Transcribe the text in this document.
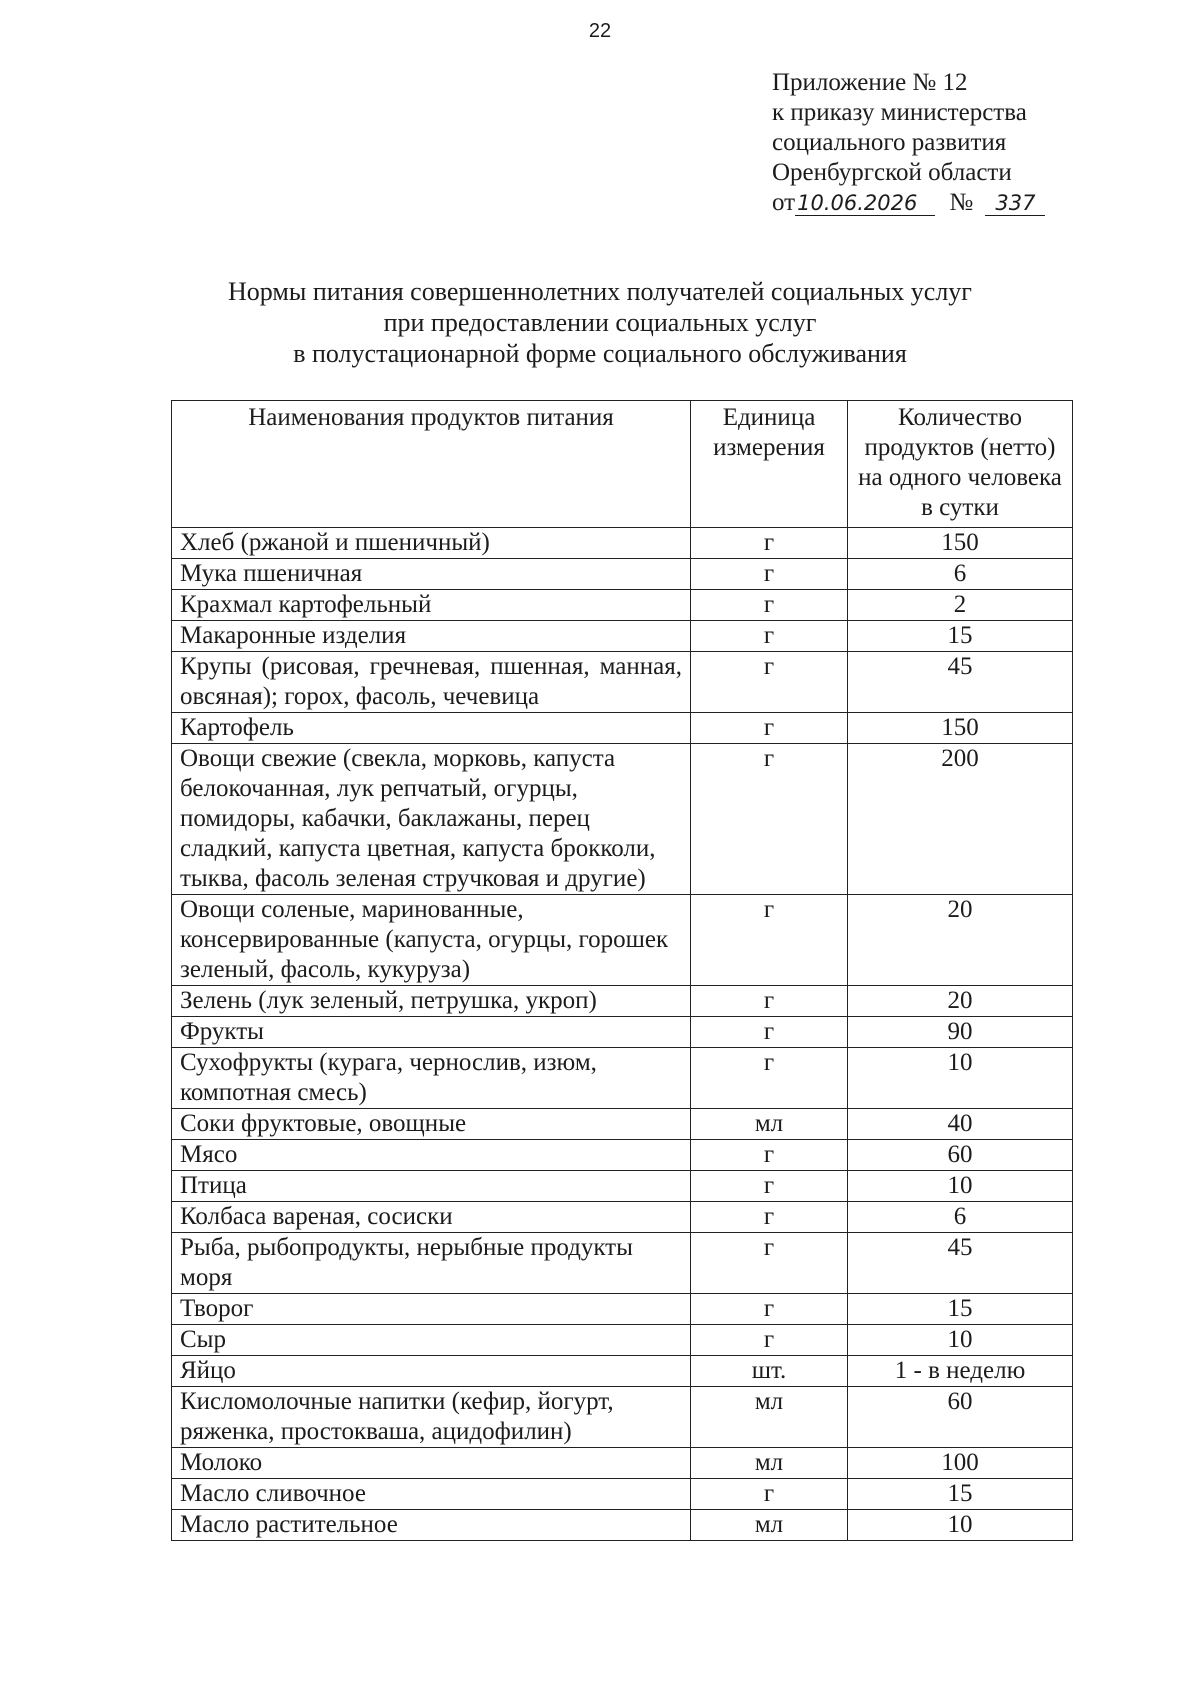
22
Приложение № 12
к приказу министерства
социального развития
Оренбургской области
от10.06.2026 № 337
Нормы питания совершеннолетних получателей социальных услуг
при предоставлении социальных услуг
в полустационарной форме социального обслуживания
Наименования продуктов питания	Единица измерения	Количество продуктов (нетто) на одного человека в сутки
Хлеб (ржаной и пшеничный)	г	150
Мука пшеничная	г	6
Крахмал картофельный	г	2
Макаронные изделия	г	15
Крупы (рисовая, гречневая, пшенная, манная, овсяная); горох, фасоль, чечевица	г	45
Картофель	г	150
Овощи свежие (свекла, морковь, капуста белокочанная, лук репчатый, огурцы, помидоры, кабачки, баклажаны, перец сладкий, капуста цветная, капуста брокколи, тыква, фасоль зеленая стручковая и другие)	г	200
Овощи соленые, маринованные, консервированные (капуста, огурцы, горошек зеленый, фасоль, кукуруза)	г	20
Зелень (лук зеленый, петрушка, укроп)	г	20
Фрукты	г	90
Сухофрукты (курага, чернослив, изюм, компотная смесь)	г	10
Соки фруктовые, овощные	мл	40
Мясо	г	60
Птица	г	10
Колбаса вареная, сосиски	г	6
Рыба, рыбопродукты, нерыбные продукты моря	г	45
Творог	г	15
Сыр	г	10
Яйцо	шт.	1 - в неделю
Кисломолочные напитки (кефир, йогурт, ряженка, простокваша, ацидофилин)	мл	60
Молоко	мл	100
Масло сливочное	г	15
Масло растительное	мл	10
